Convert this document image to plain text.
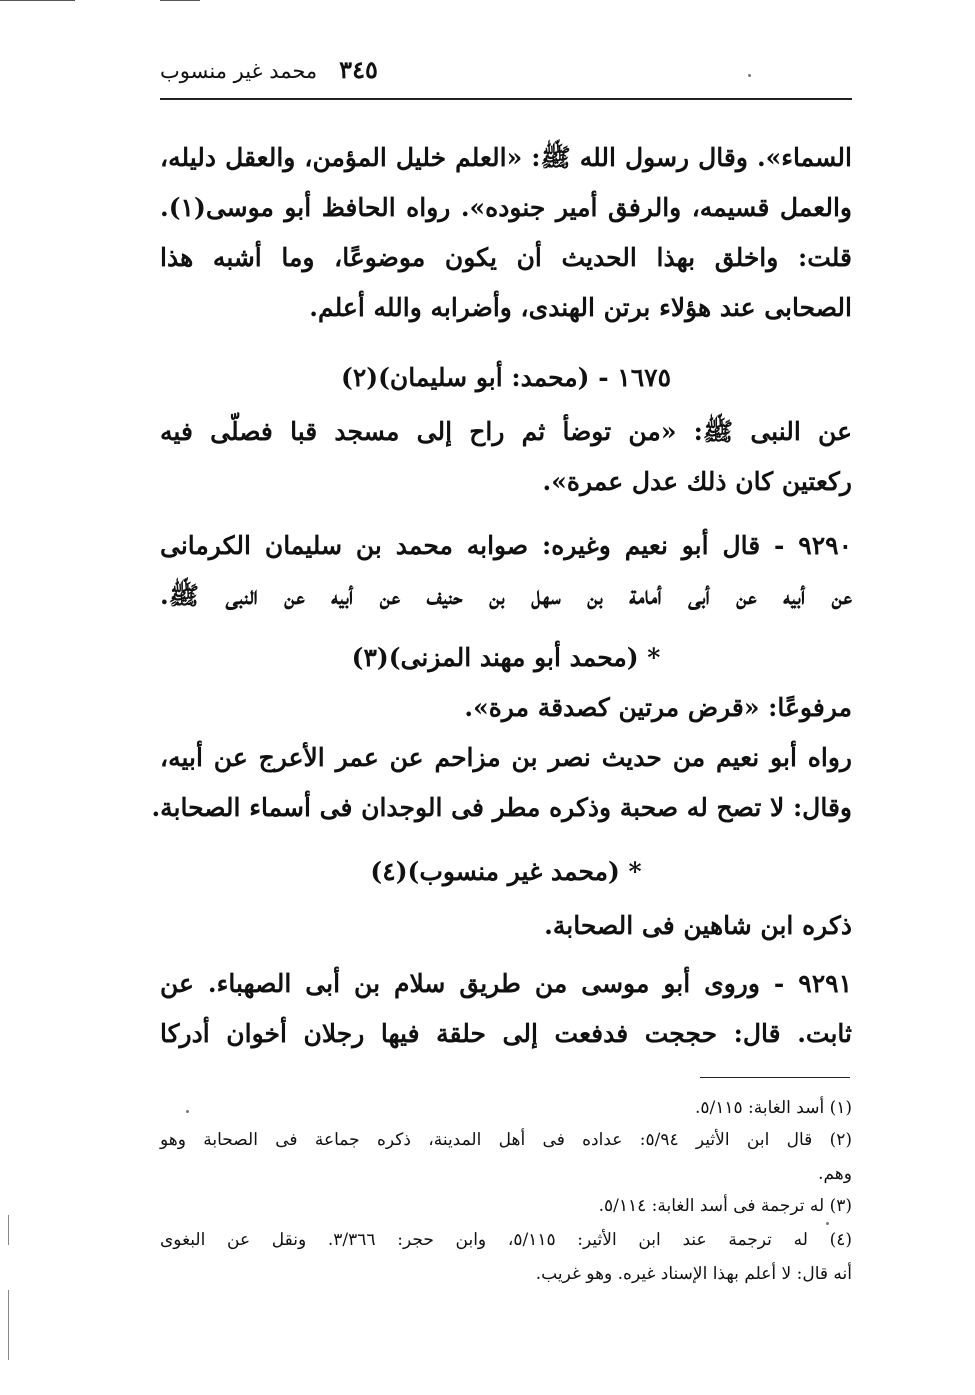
محمد غير منسوب ٣٤٥
السماء». وقال رسول الله ﷺ: «العلم خليل المؤمن، والعقل دليله،
والعمل قسيمه، والرفق أمير جنوده». رواه الحافظ أبو موسى(١).
قلت: واخلق بهذا الحديث أن يكون موضوعًا، وما أشبه هذا
الصحابى عند هؤلاء برتن الهندى، وأضرابه والله أعلم.
١٦٧٥ - (محمد: أبو سليمان)(٢)
عن النبى ﷺ: «من توضأ ثم راح إلى مسجد قبا فصلّى فيه
ركعتين كان ذلك عدل عمرة».
٩٢٩٠ - قال أبو نعيم وغيره: صوابه محمد بن سليمان الكرمانى
عن أبيه عن أبى أمامة بن سهل بن حنيف عن أبيه عن النبى ﷺ.
* (محمد أبو مهند المزنى)(٣)
مرفوعًا: «قرض مرتين كصدقة مرة».
رواه أبو نعيم من حديث نصر بن مزاحم عن عمر الأعرج عن أبيه،
وقال: لا تصح له صحبة وذكره مطر فى الوجدان فى أسماء الصحابة.
* (محمد غير منسوب)(٤)
ذكره ابن شاهين فى الصحابة.
٩٢٩١ - وروى أبو موسى من طريق سلام بن أبى الصهباء. عن
ثابت. قال: حججت فدفعت إلى حلقة فيها رجلان أخوان أدركا
(١) أسد الغابة: ٥/١١٥.
(٢) قال ابن الأثير ٥/٩٤: عداده فى أهل المدينة، ذكره جماعة فى الصحابة وهو
وهم.
(٣) له ترجمة فى أسد الغابة: ٥/١١٤.
(٤) له ترجمة عند ابن الأثير: ٥/١١٥، وابن حجر: ٣/٣٦٦. ونقل عن البغوى
أنه قال: لا أعلم بهذا الإسناد غيره. وهو غريب.
